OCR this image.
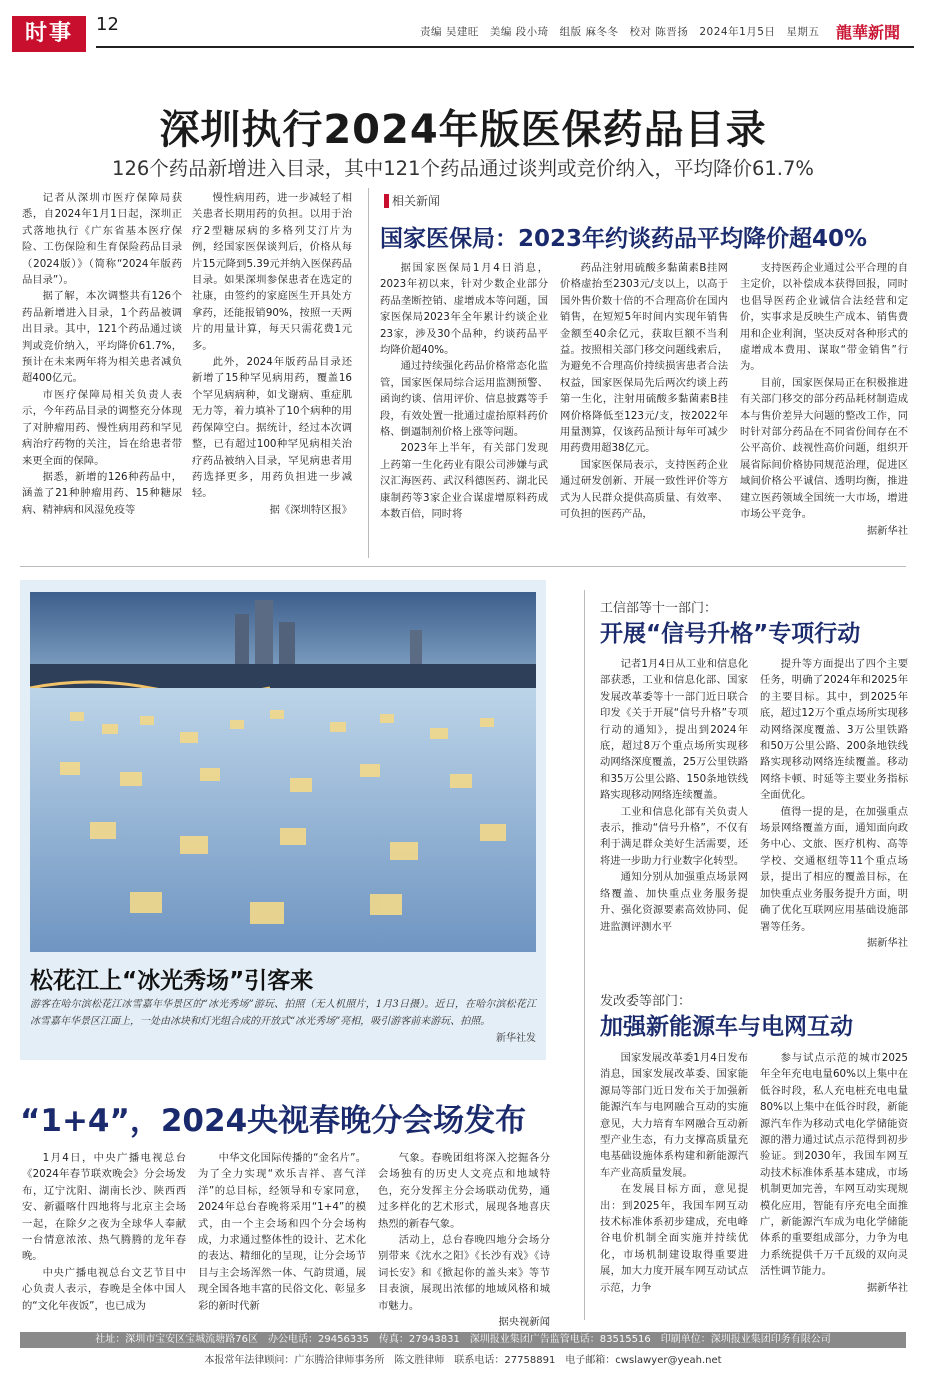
时事	12	责编 吴建旺　美编 段小琦　组版 麻冬冬　校对 陈晋扬　2024年1月5日　星期五 龍華新聞
深圳执行2024年版医保药品目录
126个药品新增进入目录，其中121个药品通过谈判或竞价纳入，平均降价61.7%

记者从深圳市医疗保障局获悉，自2024年1月1日起，深圳正式落地执行《广东省基本医疗保险、工伤保险和生育保险药品目录（2024版）》（简称“2024年版药品目录”）。

据了解，本次调整共有126个药品新增进入目录，1个药品被调出目录。其中，121个药品通过谈判或竞价纳入，平均降价61.7%，预计在未来两年将为相关患者减负超400亿元。

市医疗保障局相关负责人表示，今年药品目录的调整充分体现了对肿瘤用药、慢性病用药和罕见病治疗药物的关注，旨在给患者带来更全面的保障。

据悉，新增的126种药品中，涵盖了21种肿瘤用药、15种糖尿病、精神病和风湿免疫等

慢性病用药，进一步减轻了相关患者长期用药的负担。以用于治疗2型糖尿病的多格列艾汀片为例，经国家医保谈判后，价格从每片15元降到5.39元并纳入医保药品目录。如果深圳参保患者在选定的社康，由签约的家庭医生开具处方拿药，还能报销90%，按照一天两片的用量计算，每天只需花费1元多。

此外，2024年版药品目录还新增了15种罕见病用药，覆盖16个罕见病病种，如戈谢病、重症肌无力等，着力填补了10个病种的用药保障空白。据统计，经过本次调整，已有超过100种罕见病相关治疗药品被纳入目录，罕见病患者用药选择更多，用药负担进一步减轻。

据《深圳特区报》
相关新闻
国家医保局：2023年约谈药品平均降价超40%

据国家医保局1月4日消息，2023年初以来，针对少数企业部分药品垄断控销、虚增成本等问题，国家医保局2023年全年累计约谈企业23家，涉及30个品种，约谈药品平均降价超40%。

通过持续强化药品价格常态化监管，国家医保局综合运用监测预警、函询约谈、信用评价、信息披露等手段，有效处置一批通过虚抬原料药价格、倒逼制剂价格上涨等问题。

2023年上半年，有关部门发现上药第一生化药业有限公司涉嫌与武汉汇海医药、武汉科德医药、湖北民康制药等3家企业合谋虚增原料药成本数百倍，同时将

药品注射用硫酸多黏菌素B挂网价格虚抬至2303元/支以上，以高于国外售价数十倍的不合理高价在国内销售，在短短5年时间内实现年销售金额至40余亿元，获取巨额不当利益。按照相关部门移交问题线索后，为避免不合理高价持续损害患者合法权益，国家医保局先后两次约谈上药第一生化，注射用硫酸多黏菌素B挂网价格降低至123元/支，按2022年用量测算，仅该药品预计每年可减少用药费用超38亿元。

国家医保局表示，支持医药企业通过研发创新、开展一致性评价等方式为人民群众提供高质量、有效率、可负担的医药产品，

支持医药企业通过公平合理的自主定价，以补偿成本获得回报，同时也倡导医药企业诚信合法经营和定价，实事求是反映生产成本、销售费用和企业利润，坚决反对各种形式的虚增成本费用、谋取“带金销售”行为。

目前，国家医保局正在积极推进有关部门移交的部分药品耗材制造成本与售价差异大问题的整改工作，同时针对部分药品在不同省份间存在不公平高价、歧视性高价问题，组织开展省际间价格协同规范治理，促进区域间价格公平诚信、透明均衡，推进建立医药领域全国统一大市场，增进市场公平竞争。

据新华社
松花江上“冰光秀场”引客来
游客在哈尔滨松花江冰雪嘉年华景区的“冰光秀场”游玩、拍照（无人机照片，1月3日摄）。近日，在哈尔滨松花江冰雪嘉年华景区江面上，一处由冰块和灯光组合成的开放式“冰光秀场”亮相，吸引游客前来游玩、拍照。
新华社发
工信部等十一部门：
开展“信号升格”专项行动

记者1月4日从工业和信息化部获悉，工业和信息化部、国家发展改革委等十一部门近日联合印发《关于开展“信号升格”专项行动的通知》，提出到2024年底，超过8万个重点场所实现移动网络深度覆盖，25万公里铁路和35万公里公路、150条地铁线路实现移动网络连续覆盖。

工业和信息化部有关负责人表示，推动“信号升格”，不仅有利于满足群众美好生活需要，还将进一步助力行业数字化转型。

通知分别从加强重点场景网络覆盖、加快重点业务服务提升、强化资源要素高效协同、促进监测评测水平

提升等方面提出了四个主要任务，明确了2024年和2025年的主要目标。其中，到2025年底，超过12万个重点场所实现移动网络深度覆盖、3万公里铁路和50万公里公路、200条地铁线路实现移动网络连续覆盖。移动网络卡顿、时延等主要业务指标全面优化。

值得一提的是，在加强重点场景网络覆盖方面，通知面向政务中心、文旅、医疗机构、高等学校、交通枢纽等11个重点场景，提出了相应的覆盖目标，在加快重点业务服务提升方面，明确了优化互联网应用基础设施部署等任务。

据新华社
发改委等部门：
加强新能源车与电网互动

国家发展改革委1月4日发布消息，国家发展改革委、国家能源局等部门近日发布关于加强新能源汽车与电网融合互动的实施意见，大力培育车网融合互动新型产业生态，有力支撑高质量充电基础设施体系构建和新能源汽车产业高质量发展。

在发展目标方面，意见提出：到2025年，我国车网互动技术标准体系初步建成，充电峰谷电价机制全面实施并持续优化，市场机制建设取得重要进展，加大力度开展车网互动试点示范，力争

参与试点示范的城市2025年全年充电电量60%以上集中在低谷时段，私人充电桩充电电量80%以上集中在低谷时段，新能源汽车作为移动式电化学储能资源的潜力通过试点示范得到初步验证。到2030年，我国车网互动技术标准体系基本建成，市场机制更加完善，车网互动实现规模化应用，智能有序充电全面推广，新能源汽车成为电化学储能体系的重要组成部分，力争为电力系统提供千万千瓦级的双向灵活性调节能力。

据新华社
“1+4”，2024央视春晚分会场发布

1月4日，中央广播电视总台《2024年春节联欢晚会》分会场发布，辽宁沈阳、湖南长沙、陕西西安、新疆喀什四地将与北京主会场一起，在除夕之夜为全球华人奉献一台情意浓浓、热气腾腾的龙年春晚。

中央广播电视总台文艺节目中心负责人表示，春晚是全体中国人的“文化年夜饭”，也已成为

中华文化国际传播的“金名片”。为了全力实现“欢乐吉祥、喜气洋洋”的总目标，经领导和专家同意，2024年总台春晚将采用“1+4”的模式，由一个主会场和四个分会场构成，力求通过整体性的设计、艺术化的表达、精细化的呈现，让分会场节目与主会场浑然一体、气韵贯通，展现全国各地丰富的民俗文化、彰显多彩的新时代新

气象。春晚团组将深入挖掘各分会场独有的历史人文亮点和地域特色，充分发挥主分会场联动优势，通过多样化的艺术形式，展现各地喜庆热烈的新春气象。

活动上，总台春晚四地分会场分别带来《沈水之阳》《长沙有戏》《诗词长安》和《掀起你的盖头来》等节目表演，展现出浓郁的地域风格和城市魅力。

据央视新闻
社址：深圳市宝安区宝城流塘路76区　办公电话：29456335　传真：27943831　深圳报业集团广告监管电话：83515516　印刷单位：深圳报业集团印务有限公司
本报常年法律顾问：广东腾洽律师事务所　陈文胜律师　联系电话：27758891　电子邮箱：cwslawyer@yeah.net
